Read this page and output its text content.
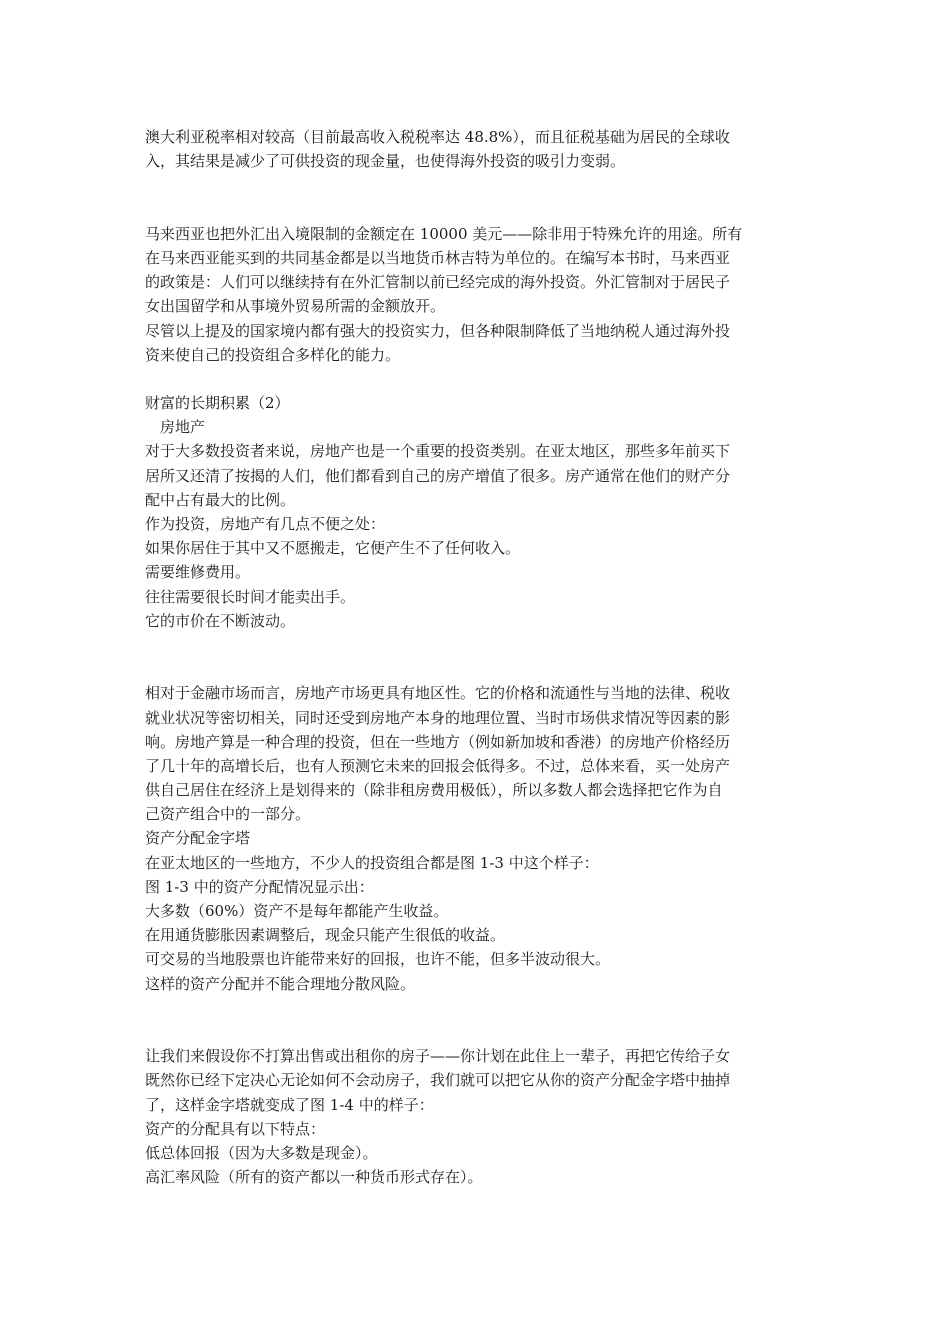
澳大利亚税率相对较高（目前最高收入税税率达 48.8%），而且征税基础为居民的全球收
入，其结果是减少了可供投资的现金量，也使得海外投资的吸引力变弱。
马来西亚也把外汇出入境限制的金额定在 10000 美元——除非用于特殊允许的用途。所有
在马来西亚能买到的共同基金都是以当地货币林吉特为单位的。在编写本书时，马来西亚
的政策是：人们可以继续持有在外汇管制以前已经完成的海外投资。外汇管制对于居民子
女出国留学和从事境外贸易所需的金额放开。
尽管以上提及的国家境内都有强大的投资实力，但各种限制降低了当地纳税人通过海外投
资来使自己的投资组合多样化的能力。
财富的长期积累（2）
房地产
对于大多数投资者来说，房地产也是一个重要的投资类别。在亚太地区，那些多年前买下
居所又还清了按揭的人们，他们都看到自己的房产增值了很多。房产通常在他们的财产分
配中占有最大的比例。
作为投资，房地产有几点不便之处：
如果你居住于其中又不愿搬走，它便产生不了任何收入。
需要维修费用。
往往需要很长时间才能卖出手。
它的市价在不断波动。
相对于金融市场而言，房地产市场更具有地区性。它的价格和流通性与当地的法律、税收
就业状况等密切相关，同时还受到房地产本身的地理位置、当时市场供求情况等因素的影
响。房地产算是一种合理的投资，但在一些地方（例如新加坡和香港）的房地产价格经历
了几十年的高增长后，也有人预测它未来的回报会低得多。不过，总体来看，买一处房产
供自己居住在经济上是划得来的（除非租房费用极低），所以多数人都会选择把它作为自
己资产组合中的一部分。
资产分配金字塔
在亚太地区的一些地方，不少人的投资组合都是图 1-3 中这个样子：
图 1-3 中的资产分配情况显示出：
大多数（60%）资产不是每年都能产生收益。
在用通货膨胀因素调整后，现金只能产生很低的收益。
可交易的当地股票也许能带来好的回报，也许不能，但多半波动很大。
这样的资产分配并不能合理地分散风险。
让我们来假设你不打算出售或出租你的房子——你计划在此住上一辈子，再把它传给子女
既然你已经下定决心无论如何不会动房子，我们就可以把它从你的资产分配金字塔中抽掉
了，这样金字塔就变成了图 1-4 中的样子：
资产的分配具有以下特点：
低总体回报（因为大多数是现金）。
高汇率风险（所有的资产都以一种货币形式存在）。
